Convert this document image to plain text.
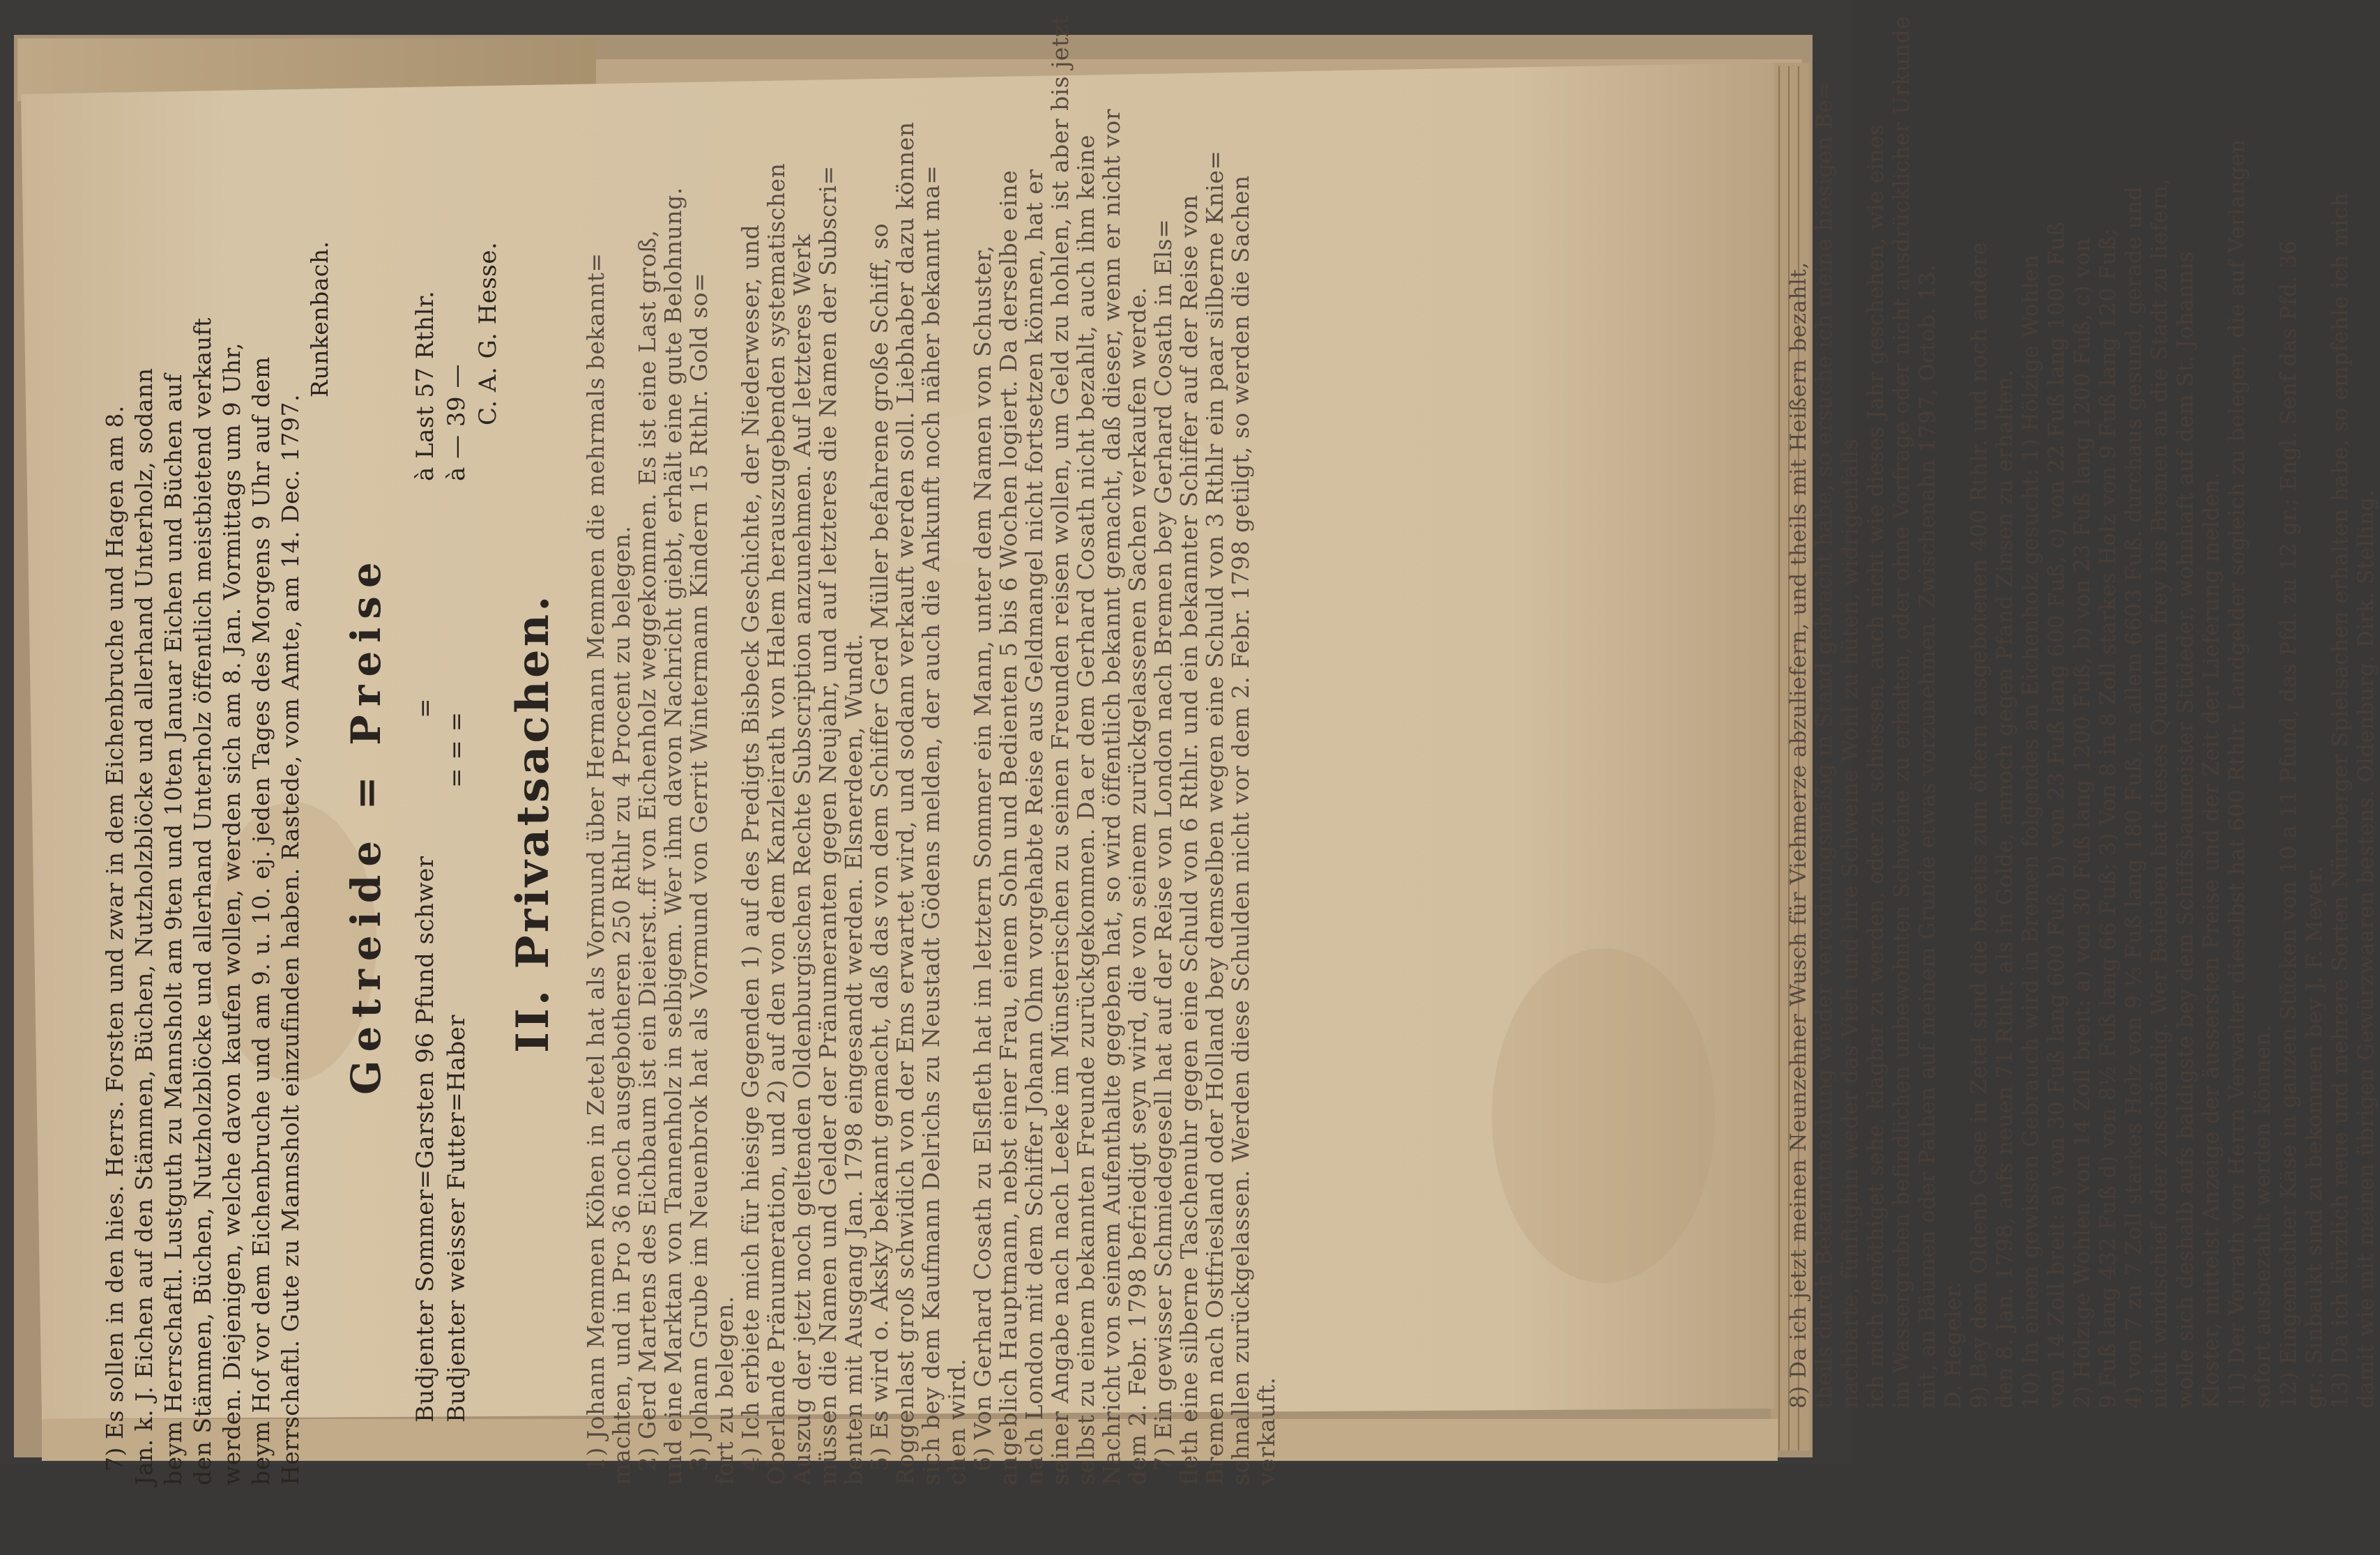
7) Es sollen in den hies. Herrs. Forsten und zwar in dem Eichenbruche und Hagen am 8. Jan. k. J. Eichen auf den Stämmen, Büchen, Nutzholzblöcke und allerhand Unterholz, sodann beym Herrschaftl. Lustguth zu Mannsholt am 9ten und 10ten Januar Eichen und Büchen auf den Stämmen, Büchen, Nutzholzblöcke und allerhand Unterholz öffentlich meistbietend verkauft werden. Diejenigen, welche davon kaufen wollen, werden sich am 8. Jan. Vormittags um 9 Uhr, beym Hof vor dem Eichenbruche und am 9. u. 10. ej. jeden Tages des Morgens 9 Uhr auf dem Herrschaftl. Gute zu Mannsholt einzufinden haben. Rastede, vom Amte, am 14. Dec. 1797.
Runkenbach.
Getreide = Preise
Budjenter Sommer=Garsten 96 Pfund schwer
=
à Last 57 Rthlr.
Budjenter weisser Futter=Haber
= = =
à — 39 — C. A. G. Hesse.
II. Privatsachen. 1) Johann Memmen Köhen in Zetel hat als Vormund über Hermann Memmen die mehrmals bekannt=
machten, und in Pro 36 noch ausgebotheren 250 Rthlr zu 4 Procent zu belegen.
2) Gerd Martens des Eichbaum ist ein Dieierst..ff von Eichenholz weggekommen. Es ist eine Last groß,
und eine Marktan von Tannenholz in selbigem. Wer ihm davon Nachricht giebt, erhält eine gute Belohnung.
3) Johann Grube im Neuenbrok hat als Vormund von Gerrit Wintermann Kindern 15 Rthlr. Gold so=
fort zu belegen.
4) Ich erbiete mich für hiesige Gegenden 1) auf des Predigts Bisbeck Geschichte, der Niederweser, und
Oberlande Pränumeration, und 2) auf den von dem Kanzleirath von Halem herauszugebenden systematischen
Auszug der jetzt noch geltenden Oldenburgischen Rechte Subscription anzunehmen. Auf letzteres Werk
müssen die Namen und Gelder der Pränumeranten gegen Neujahr, und auf letzteres die Namen der Subscri=
benten mit Ausgang Jan. 1798 eingesandt werden. Elsnerdeen, Wundt.
5) Es wird o. Aksky bekannt gemacht, daß das von dem Schiffer Gerd Müller befahrene große Schiff, so
Roggenlast groß schwidich von der Ems erwartet wird, und sodann verkauft werden soll. Liebhaber dazu können
sich bey dem Kaufmann Delrichs zu Neustadt Gödens melden, der auch die Ankunft noch näher bekannt ma=
chen wird.
6) Von Gerhard Cosath zu Elsfleth hat im letztern Sommer ein Mann, unter dem Namen von Schuster,
angeblich Hauptmann, nebst einer Frau, einem Sohn und Bedienten 5 bis 6 Wochen logiert. Da derselbe eine
nach London mit dem Schiffer Johann Ohm vorgehabte Reise aus Geldmangel nicht fortsetzen können, hat er
seiner Angabe nach nach Leeke im Münsterischen zu seinen Freunden reisen wollen, um Geld zu hohlen, ist aber bis jetzt
selbst zu einem bekannten Freunde zurückgekommen. Da er dem Gerhard Cosath nicht bezahlt, auch ihm keine
Nachricht von seinem Aufenthalte gegeben hat, so wird öffentlich bekannt gemacht, daß dieser, wenn er nicht vor
dem 2. Febr. 1798 befriedigt seyn wird, die von seinem zurückgelassenen Sachen verkaufen werde.
7) Ein gewisser Schmiedegesell hat auf der Reise von London nach Bremen bey Gerhard Cosath in Els=
fleth eine silberne Taschenuhr gegen eine Schuld von 6 Rthlr. und ein bekannter Schiffer auf der Reise von
Bremen nach Ostfriesland oder Holland bey demselben wegen eine Schuld von 3 Rthlr ein paar silberne Knie=
schnallen zurückgelassen. Werden diese Schulden nicht vor dem 2. Febr. 1798 getilgt, so werden die Sachen
verkauft.
8) Da ich jetzt meinen Neunzehner Wusch für Viehmerze abzuliefern, und theils mit Heißern bezahlt, theils durch Bekanntmachung wieder verordnungsmäßig in Stand gebracht habe, so ersuche ich meine hiesigen Be= nachbarte, fünftighin weder das Vieh und ihre Schweine Wohl zu hüten, widrigenfalls ich mich genöthiget sehe, klagbar zu werden, oder zu schiessen, auch nicht wie dieses Jahr geschehen, wie eines im Wassergraben befindlichen unbewohnten Schweine zu erhalten, oder ohne Vorfrage oder nicht ausdrücklicher Urkunde mit, an Bäumen oder Pathen auf meinem Grunde etwas vorzunehmen. Zwischenahn 1797, Octob. 13. D. Hegeler. 9) Bey dem Oldenb Gose in Zetel sind die bereits zum öftern ausgebotenen 400 Rthlr. und noch andere den 8. Jan. 1798, aufs neuen 71 Rthlr. als in Golde, annoch gegen Pfand Zinsen zu erhalten. 10) In einem gewissen Gebrauch wird in Bremen folgendes an Eichenholz gesucht: 1) Hölzige Wohlen von 14 Zoll breit: a) von 30 Fuß lang 600 Fuß, b) von 23 Fuß lang 600 Fuß, c) von 22 Fuß lang 1000 Fuß 2) Hölzige Wohlen von 14 Zoll breit: a) von 30 Fuß lang 1200 Fuß, b) von 23 Fuß lang 1200 Fuß, c) von 9 Fuß lang 432 Fuß d) von 8½ Fuß lang 66 Fuß; 3) Von 8 in 8 Zoll starkes Holz von 9 Fuß lang 120 Fuß; 4) von 7 zu 7 Zoll starkes Holz von 9 ⅓ Fuß lang 180 Fuß, in allem 6603 Fuß. durchaus gesund, gerade und nicht windschief oder zuschändig. Wer Belieben hat dieses Quantum frey bis Bremen an die Stadt zu liefern, wolle sich deshalb aufs baldigste bey dem Schiffsbaumeister Stüdeder, wohnhaft auf dem St. Johannis Kloster, mittelst Anzeige der äussersten Preise und der Zeit der Lieferung melden. 11) Der Vorrath von Herrn Verwalter dieselbst hat 600 Rthlr. Landgelder sogleich zu belegen, die auf Verlangen sofort ausbezahlt werden können. 12) Eingemachter Käse in ganzen Stücken von 10 a 11 Pfund, das Pfd. zu 12 gr.; Engl. Senf das Pfd. 36 gr.; Sinbaukt sind zu bekommen bey J. F. Meyer. 13) Da ich kürzlich neue und mehrere Sorten Nürnberger Spielsachen erhalten habe, so empfehle ich mich damit wie mit meinen übrigen Gewürzwaaren bestens. Oldenburg. Dirk. Stelling.
